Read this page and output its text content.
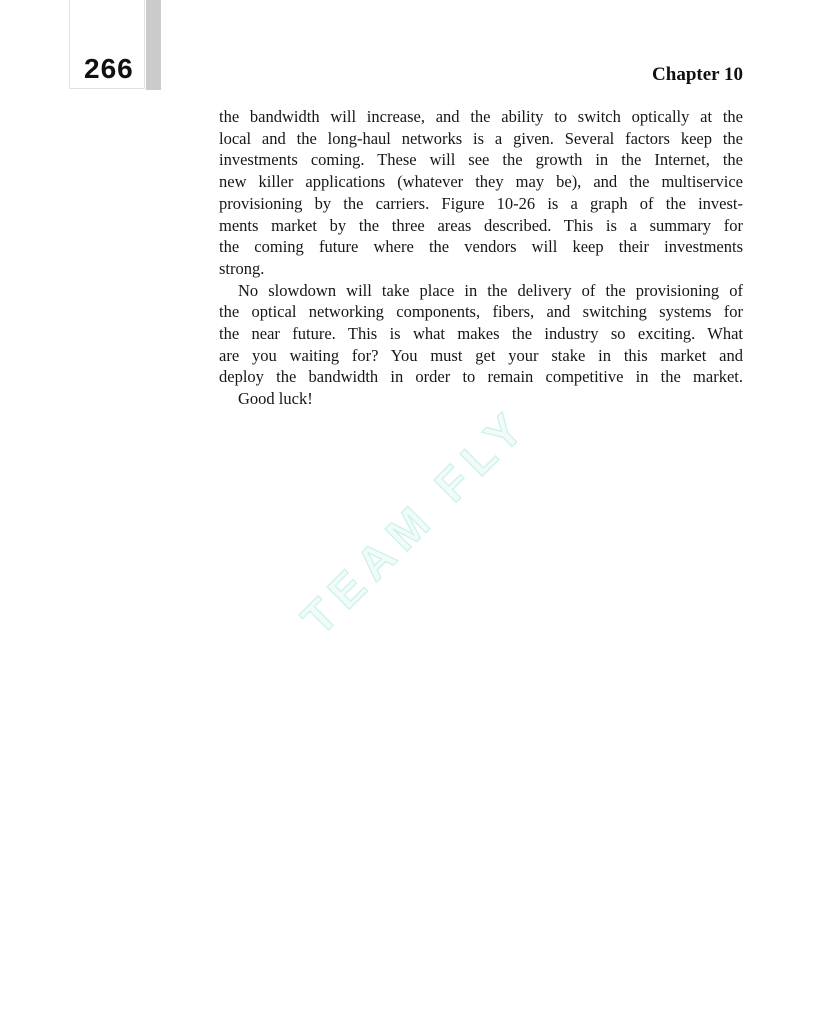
266	Chapter 10
the bandwidth will increase, and the ability to switch optically at the
local and the long-haul networks is a given. Several factors keep the
investments coming. These will see the growth in the Internet, the
new killer applications (whatever they may be), and the multiservice
provisioning by the carriers. Figure 10-26 is a graph of the invest-
ments market by the three areas described. This is a summary for
the coming future where the vendors will keep their investments
strong.
No slowdown will take place in the delivery of the provisioning of
the optical networking components, fibers, and switching systems for
the near future. This is what makes the industry so exciting. What
are you waiting for? You must get your stake in this market and
deploy the bandwidth in order to remain competitive in the market.
Good luck!
TEAM FLY
